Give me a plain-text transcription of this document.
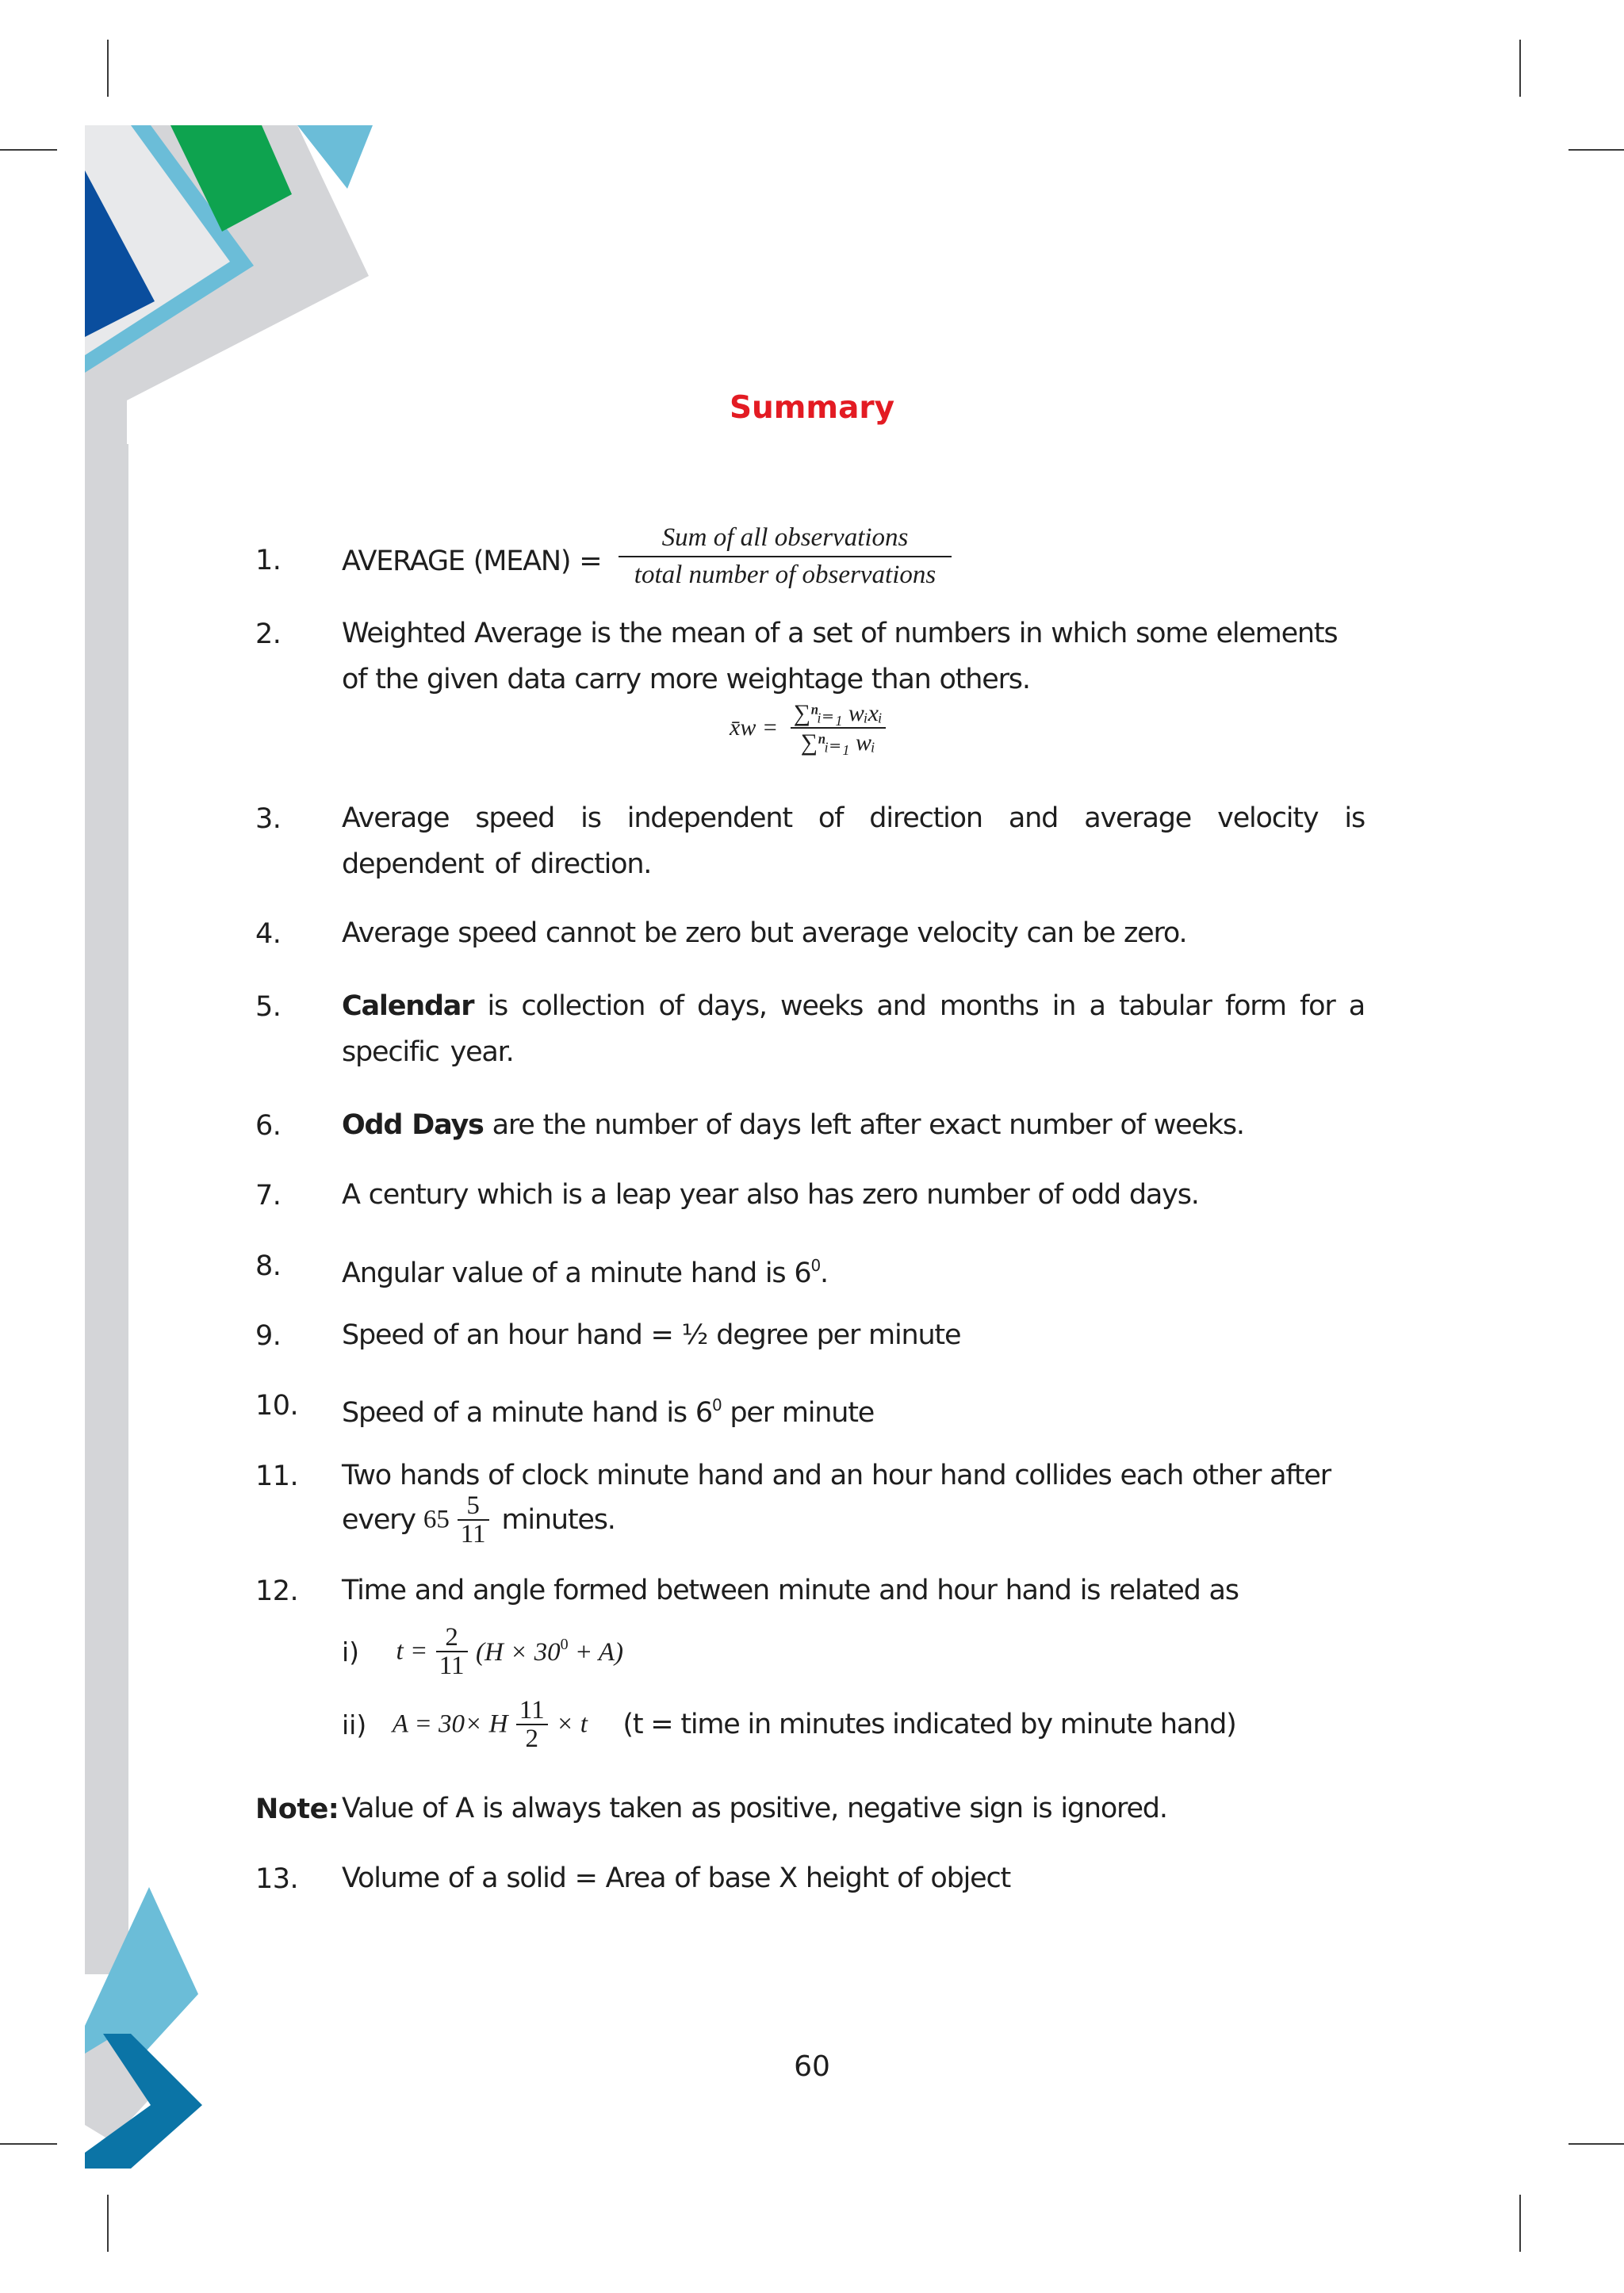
Summary
1. AVERAGE (MEAN) =
Sum of all observations
total number of observations
2. Weighted Average is the mean of a set of numbers in which some elements of the given data carry more weightage than others.
x̄w = $\frac{\text{∑ⁿᵢ₌₁ wᵢxᵢ}}{\text{∑ⁿᵢ₌₁ wᵢ}}$
3. Average speed is independent of direction and average velocity is dependent of direction.
4. Average speed cannot be zero but average velocity can be zero.
5. Calendar is collection of days, weeks and months in a tabular form for a specific year.
6. Odd Days are the number of days left after exact number of weeks.
7. A century which is a leap year also has zero number of odd days.
8. Angular value of a minute hand is $6^0$.
9. Speed of an hour hand = ½ degree per minute
10. Speed of a minute hand is $6^0$ per minute
11. Two hands of clock minute hand and an hour hand collides each other after
every $65 \frac{5}{11}$ minutes.
12. Time and angle formed between minute and hour hand is related as
i) $t = \frac{2}{11} (H \times 30^0 + A)$
ii) A = 30× H $\frac{11}{2} \times t$ (t = time in minutes indicated by minute hand)
Note: Value of A is always taken as positive, negative sign is ignored.
13. Volume of a solid = Area of base X height of object
60
